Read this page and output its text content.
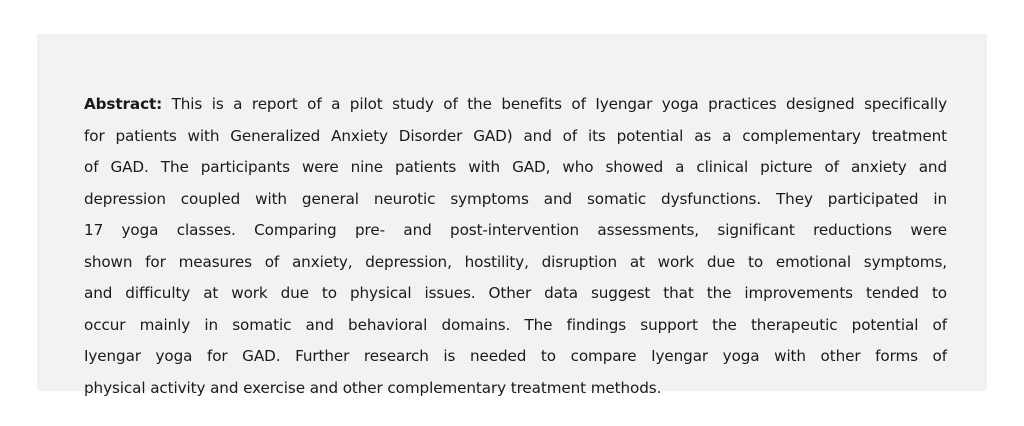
Abstract: This is a report of a pilot study of the benefits of Iyengar yoga practices designed specifically
for patients with Generalized Anxiety Disorder GAD) and of its potential as a complementary treatment
of GAD. The participants were nine patients with GAD, who showed a clinical picture of anxiety and
depression coupled with general neurotic symptoms and somatic dysfunctions. They participated in
17 yoga classes. Comparing pre- and post-intervention assessments, significant reductions were
shown for measures of anxiety, depression, hostility, disruption at work due to emotional symptoms,
and difficulty at work due to physical issues. Other data suggest that the improvements tended to
occur mainly in somatic and behavioral domains. The findings support the therapeutic potential of
Iyengar yoga for GAD. Further research is needed to compare Iyengar yoga with other forms of
physical activity and exercise and other complementary treatment methods.
